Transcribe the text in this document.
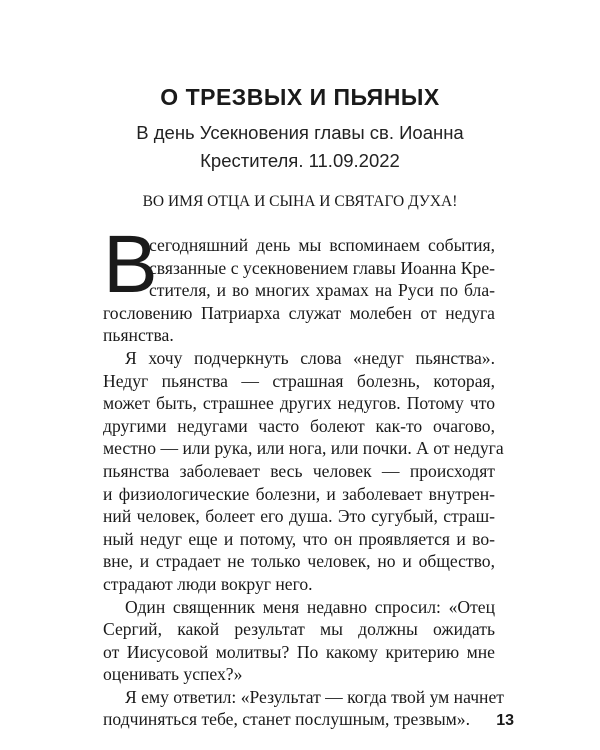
О ТРЕЗВЫХ И ПЬЯНЫХ

В день Усекновения главы св. Иоанна

Крестителя. 11.09.2022

ВО ИМЯ ОТЦА И СЫНА И СВЯТАГО ДУХА!

В
сегодняшний день мы вспоминаем события,
связанные с усекновением главы Иоанна Кре-
стителя, и во многих храмах на Руси по бла-
гословению Патриарха служат молебен от недуга
пьянства.
Я хочу подчеркнуть слова «недуг пьянства».
Недуг пьянства — страшная болезнь, которая,
может быть, страшнее других недугов. Потому что
другими недугами часто болеют как-то очагово,
местно — или рука, или нога, или почки. А от недуга
пьянства заболевает весь человек — происходят
и физиологические болезни, и заболевает внутрен-
ний человек, болеет его душа. Это сугубый, страш-
ный недуг еще и потому, что он проявляется и во-
вне, и страдает не только человек, но и общество,
страдают люди вокруг него.
Один священник меня недавно спросил: «Отец
Сергий, какой результат мы должны ожидать
от Иисусовой молитвы? По какому критерию мне
оценивать успех?»
Я ему ответил: «Результат — когда твой ум начнет
подчиняться тебе, станет послушным, трезвым».	13
